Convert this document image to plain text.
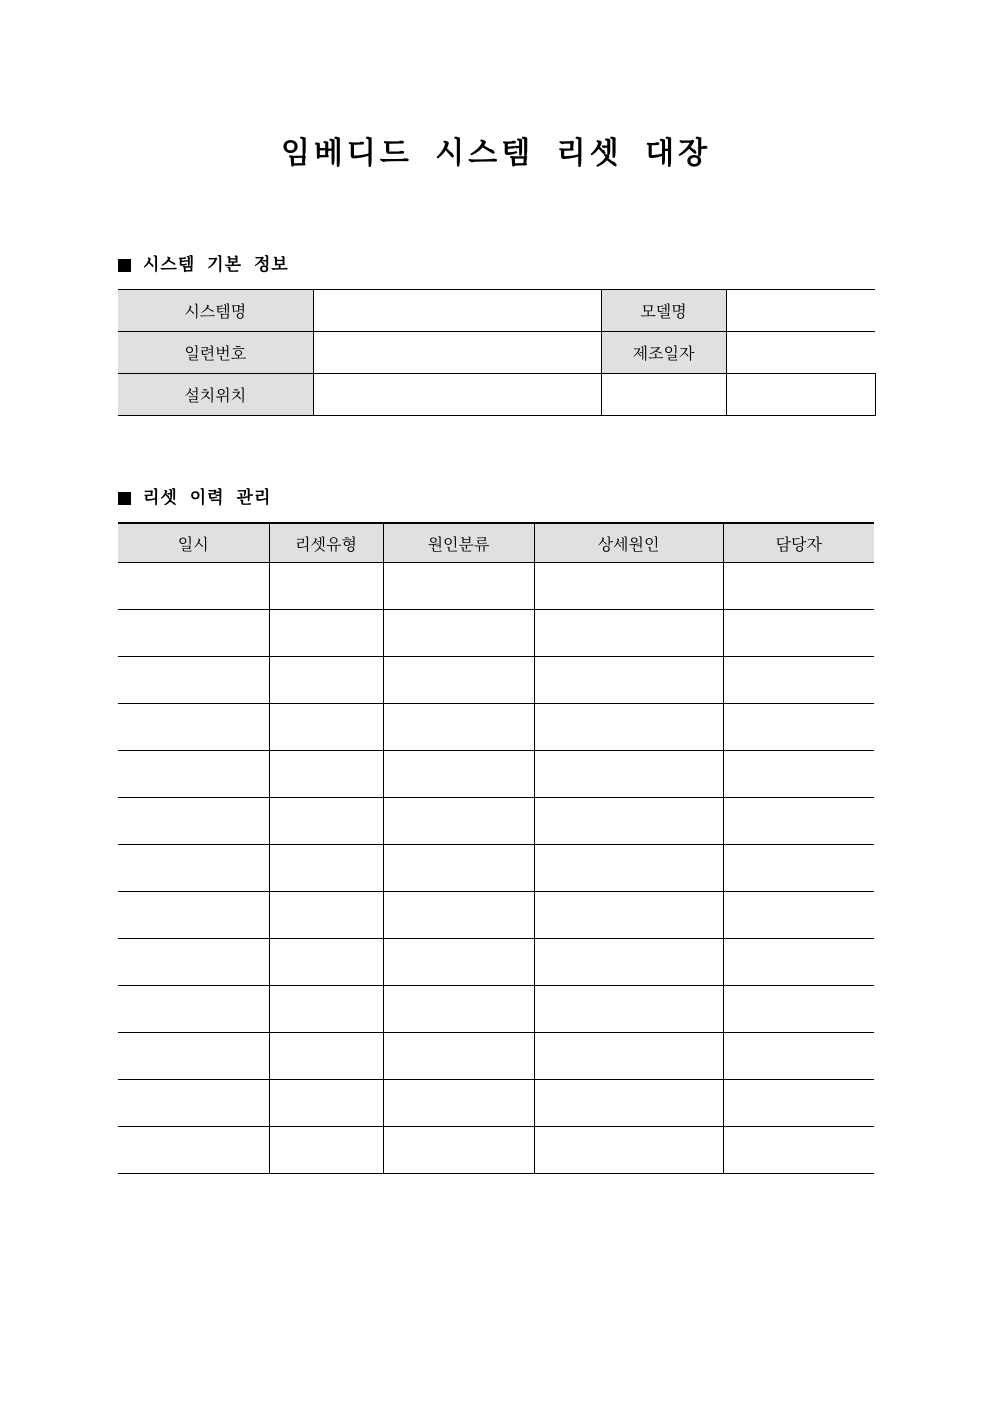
임베디드 시스템 리셋 대장
시스템 기본 정보
시스템명		모델명	
일련번호		제조일자	
설치위치			
리셋 이력 관리
일시	리셋유형	원인분류	상세원인	담당자
